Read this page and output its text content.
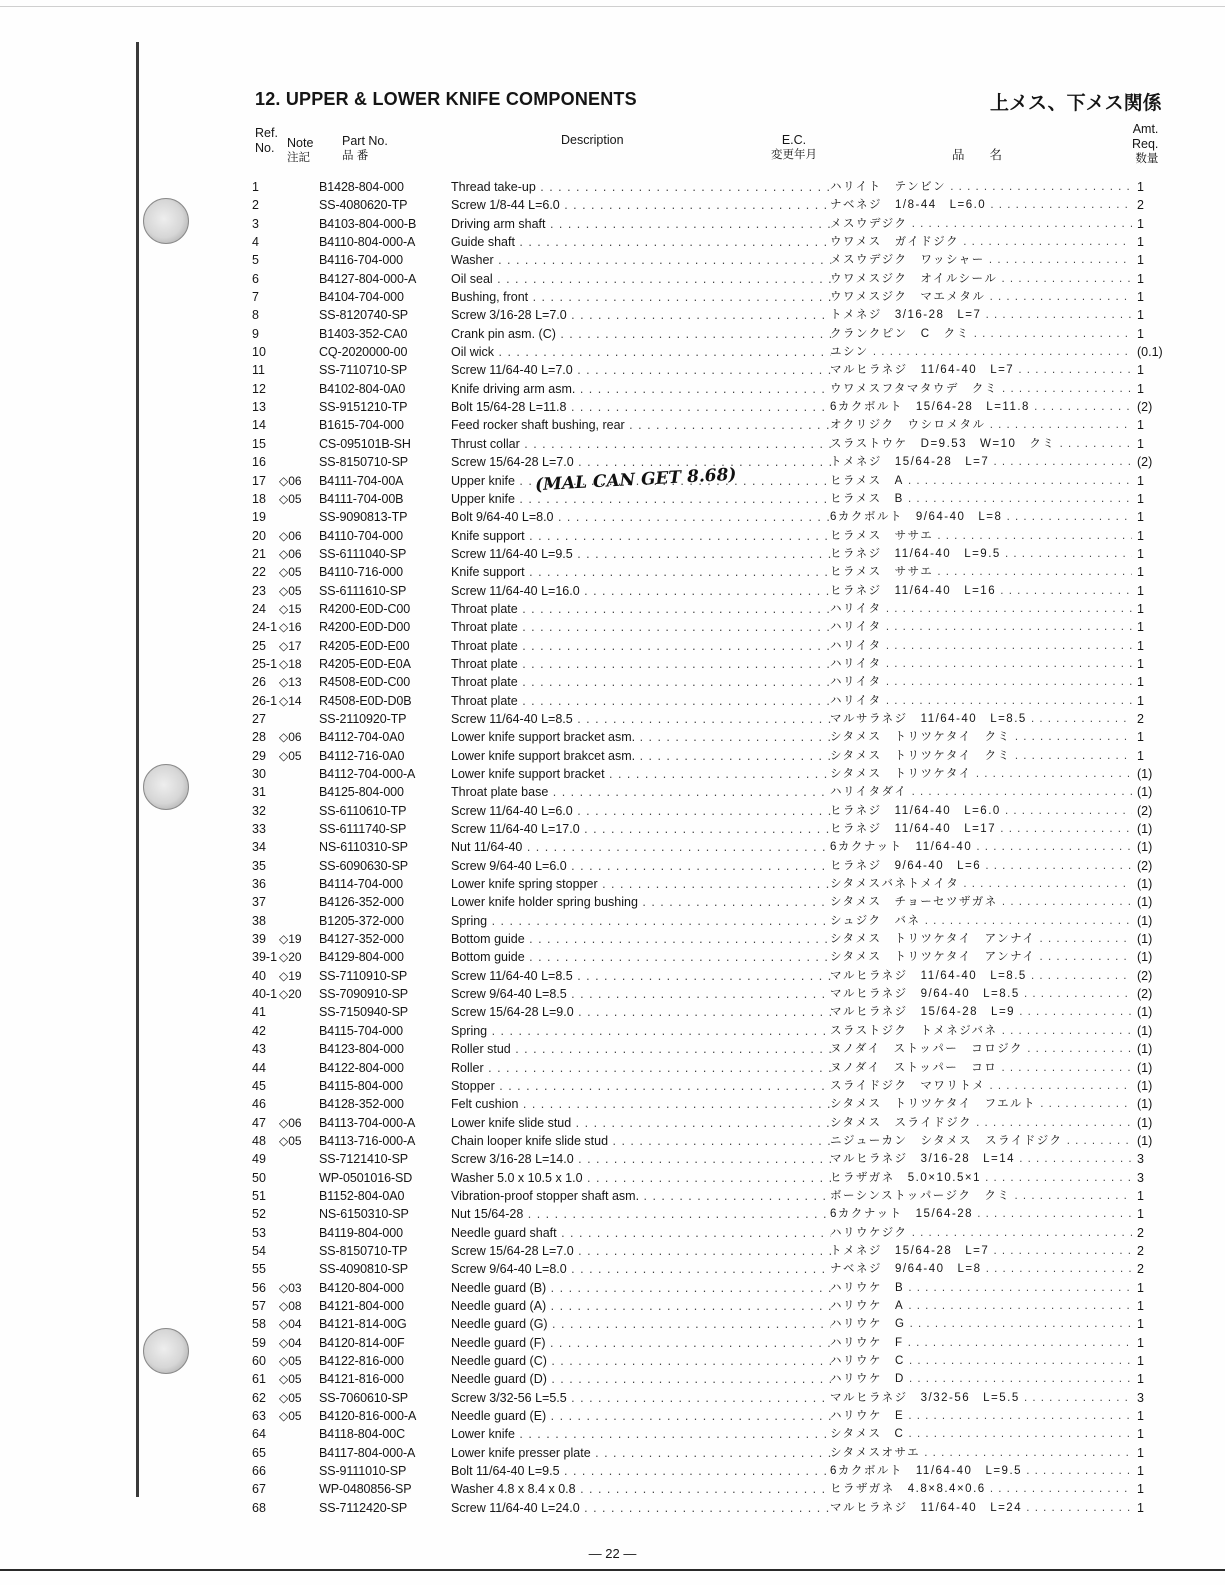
12. UPPER & LOWER KNIFE COMPONENTS	上メス、下メス関係
Ref.
No. Note
注記
Part No.
品 番
Description	E.C.
変更年月	品　　名
Amt.
Req.
数量
1	B1428-804-000	Thread take-up . . .	ハリイト　テンビン . . .	1
2	SS-4080620-TP	Screw 1/8-44 L=6.0 . . .	ナベネジ　1/8-44　L=6.0 . . .	2
3	B4103-804-000-B	Driving arm shaft . . .	メスウデジク . . .	1
4	B4110-804-000-A	Guide shaft . . .	ウワメス　ガイドジク . . .	1
5	B4116-704-000	Washer . . .	メスウデジク　ワッシャー . . .	1
6	B4127-804-000-A	Oil seal . . .	ウワメスジク　オイルシール . . .	1
7	B4104-704-000	Bushing, front . . .	ウワメスジク　マエメタル . . .	1
8	SS-8120740-SP	Screw 3/16-28 L=7.0 . . .	トメネジ　3/16-28　L=7 . . .	1
9	B1403-352-CA0	Crank pin asm. (C) . . .	クランクピン　C　クミ . . .	1
10	CQ-2020000-00	Oil wick . . .	ユシン . . .	(0.1)
11	SS-7110710-SP	Screw 11/64-40 L=7.0 . . .	マルヒラネジ　11/64-40　L=7 . . .	1
12	B4102-804-0A0	Knife driving arm asm. . . .	ウワメスフタマタウデ　クミ . . .	1
13	SS-9151210-TP	Bolt 15/64-28 L=11.8 . . .	6カクボルト　15/64-28　L=11.8 . . .	(2)
14	B1615-704-000	Feed rocker shaft bushing, rear . . .	オクリジク　ウシロメタル . . .	1
15	CS-095101B-SH	Thrust collar . . .	スラストウケ　D=9.53　W=10　クミ . . .	1
16	SS-8150710-SP	Screw 15/64-28 L=7.0 . . .	トメネジ　15/64-28　L=7 . . .	(2)
17 ◇06 B4111-704-00A	Upper knife . . .	ヒラメス　A . . .	1
18 ◇05 B4111-704-00B	Upper knife . . .	ヒラメス　B . . .	1
19	SS-9090813-TP	Bolt 9/64-40 L=8.0 . . .	6カクボルト　9/64-40　L=8 . . .	1
20 ◇06 B4110-704-000	Knife support . . .	ヒラメス　ササエ . . .	1
21 ◇06 SS-6111040-SP	Screw 11/64-40 L=9.5 . . .	ヒラネジ　11/64-40　L=9.5 . . .	1
22 ◇05 B4110-716-000	Knife support . . .	ヒラメス　ササエ . . .	1
23 ◇05 SS-6111610-SP	Screw 11/64-40 L=16.0 . . .	ヒラネジ　11/64-40　L=16 . . .	1
24 ◇15 R4200-E0D-C00	Throat plate . . .	ハリイタ . . .	1
24-1 ◇16 R4200-E0D-D00	Throat plate . . .	ハリイタ . . .	1
25 ◇17 R4205-E0D-E00	Throat plate . . .	ハリイタ . . .	1
25-1 ◇18 R4205-E0D-E0A	Throat plate . . .	ハリイタ . . .	1
26 ◇13 R4508-E0D-C00	Throat plate . . .	ハリイタ . . .	1
26-1 ◇14 R4508-E0D-D0B	Throat plate . . .	ハリイタ . . .	1
27	SS-2110920-TP	Screw 11/64-40 L=8.5 . . .	マルサラネジ　11/64-40　L=8.5 . . .	2
28 ◇06 B4112-704-0A0	Lower knife support bracket asm. . . .	シタメス　トリツケタイ　クミ . . .	1
29 ◇05 B4112-716-0A0	Lower knife support brakcet asm. . . .	シタメス　トリツケタイ　クミ . . .	1
30	B4112-704-000-A	Lower knife support bracket . . .	シタメス　トリツケタイ . . .	(1)
31	B4125-804-000	Throat plate base . . .	ハリイタダイ . . .	(1)
32	SS-6110610-TP	Screw 11/64-40 L=6.0 . . .	ヒラネジ　11/64-40　L=6.0 . . .	(2)
33	SS-6111740-SP	Screw 11/64-40 L=17.0 . . .	ヒラネジ　11/64-40　L=17 . . .	(1)
34	NS-6110310-SP	Nut 11/64-40 . . .	6カクナット　11/64-40 . . .	(1)
35	SS-6090630-SP	Screw 9/64-40 L=6.0 . . .	ヒラネジ　9/64-40　L=6 . . .	(2)
36	B4114-704-000	Lower knife spring stopper . . .	シタメスバネトメイタ . . .	(1)
37	B4126-352-000	Lower knife holder spring bushing . . .	シタメス　チョーセツザガネ . . .	(1)
38	B1205-372-000	Spring . . .	シュジク　バネ . . .	(1)
39 ◇19 B4127-352-000	Bottom guide . . .	シタメス　トリツケタイ　アンナイ . . .	(1)
39-1 ◇20 B4129-804-000	Bottom guide . . .	シタメス　トリツケタイ　アンナイ . . .	(1)
40 ◇19 SS-7110910-SP	Screw 11/64-40 L=8.5 . . .	マルヒラネジ　11/64-40　L=8.5 . . .	(2)
40-1 ◇20 SS-7090910-SP	Screw 9/64-40 L=8.5 . . .	マルヒラネジ　9/64-40　L=8.5 . . .	(2)
41	SS-7150940-SP	Screw 15/64-28 L=9.0 . . .	マルヒラネジ　15/64-28　L=9 . . .	(1)
42	B4115-704-000	Spring . . .	スラストジク　トメネジバネ . . .	(1)
43	B4123-804-000	Roller stud . . .	ヌノダイ　ストッパー　コロジク . . .	(1)
44	B4122-804-000	Roller . . .	ヌノダイ　ストッパー　コロ . . .	(1)
45	B4115-804-000	Stopper . . .	スライドジク　マワリトメ . . .	(1)
46	B4128-352-000	Felt cushion . . .	シタメス　トリツケタイ　フエルト . . .	(1)
47 ◇06 B4113-704-000-A	Lower knife slide stud . . .	シタメス　スライドジク . . .	(1)
48 ◇05 B4113-716-000-A	Chain looper knife slide stud . . .	ニジューカン　シタメス　スライドジク . . .	(1)
49	SS-7121410-SP	Screw 3/16-28 L=14.0 . . .	マルヒラネジ　3/16-28　L=14 . . .	3
50	WP-0501016-SD	Washer 5.0 x 10.5 x 1.0 . . .	ヒラザガネ　5.0×10.5×1 . . .	3
51	B1152-804-0A0	Vibration-proof stopper shaft asm. . . .	ボーシンストッパージク　クミ . . .	1
52	NS-6150310-SP	Nut 15/64-28 . . .	6カクナット　15/64-28 . . .	1
53	B4119-804-000	Needle guard shaft . . .	ハリウケジク . . .	2
54	SS-8150710-TP	Screw 15/64-28 L=7.0 . . .	トメネジ　15/64-28　L=7 . . .	2
55	SS-4090810-SP	Screw 9/64-40 L=8.0 . . .	ナベネジ　9/64-40　L=8 . . .	2
56 ◇03 B4120-804-000	Needle guard (B) . . .	ハリウケ　B . . .	1
57 ◇08 B4121-804-000	Needle guard (A) . . .	ハリウケ　A . . .	1
58 ◇04 B4121-814-00G	Needle guard (G) . . .	ハリウケ　G . . .	1
59 ◇04 B4120-814-00F	Needle guard (F) . . .	ハリウケ　F . . .	1
60 ◇05 B4122-816-000	Needle guard (C) . . .	ハリウケ　C . . .	1
61 ◇05 B4121-816-000	Needle guard (D) . . .	ハリウケ　D . . .	1
62 ◇05 SS-7060610-SP	Screw 3/32-56 L=5.5 . . .	マルヒラネジ　3/32-56　L=5.5 . . .	3
63 ◇05 B4120-816-000-A	Needle guard (E) . . .	ハリウケ　E . . .	1
64	B4118-804-00C	Lower knife . . .	シタメス　C . . .	1
65	B4117-804-000-A	Lower knife presser plate . . .	シタメスオサエ . . .	1
66	SS-9111010-SP	Bolt 11/64-40 L=9.5 . . .	6カクボルト　11/64-40　L=9.5 . . .	1
67	WP-0480856-SP	Washer 4.8 x 8.4 x 0.8 . . .	ヒラザガネ　4.8×8.4×0.6 . . .	1
68	SS-7112420-SP	Screw 11/64-40 L=24.0 . . .	マルヒラネジ　11/64-40　L=24 . . .	1
(MAL CAN GET 8.68)
— 22 —
